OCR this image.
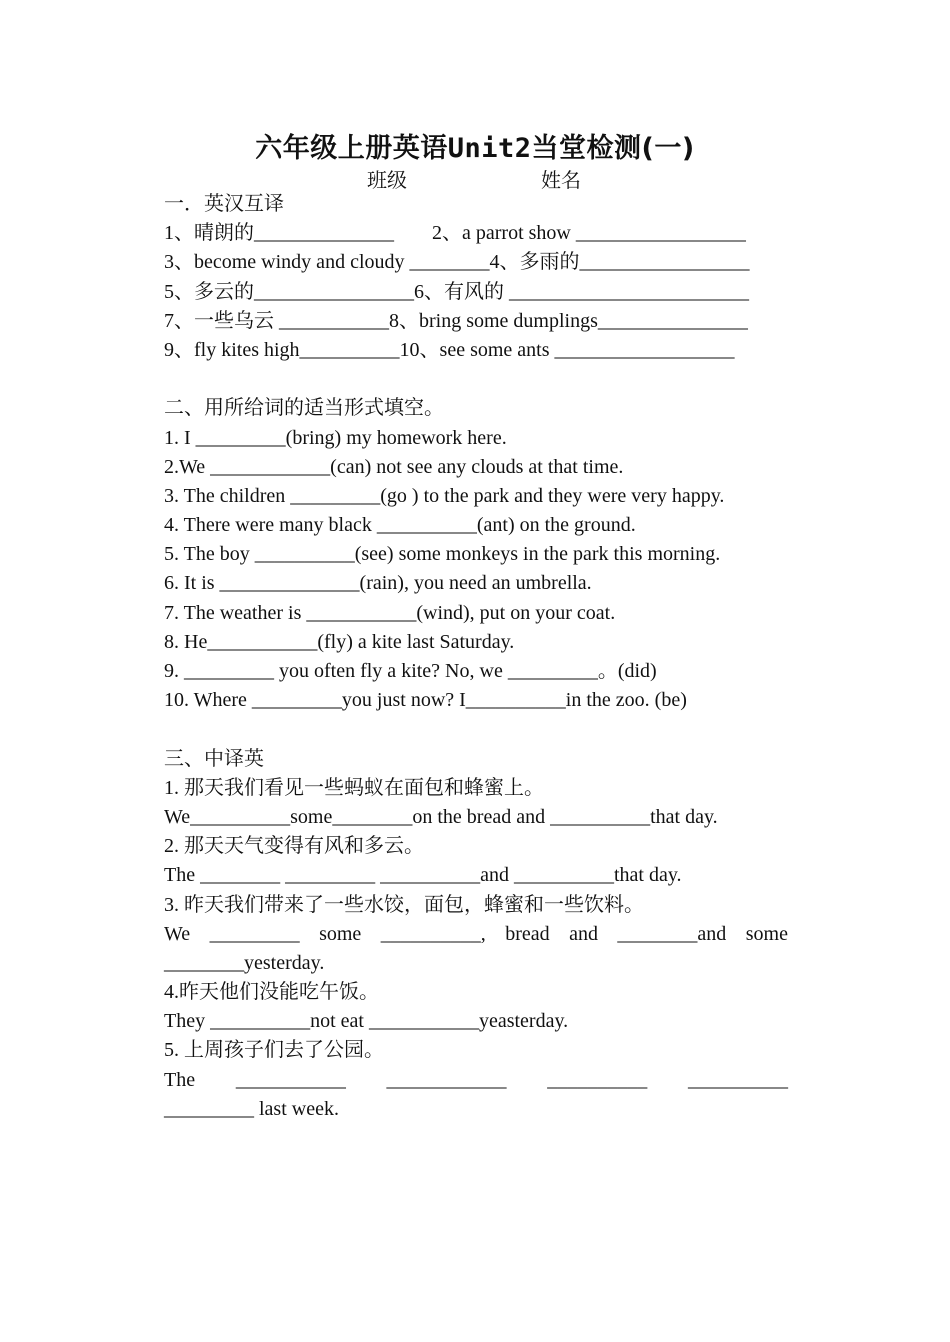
六年级上册英语Unit2当堂检测(一)
班级	姓名
一．英汉互译
1、晴朗的______________	2、a parrot show _________________
3、become windy and cloudy ________4、多雨的_________________
5、多云的________________6、有风的 ________________________
7、一些乌云 ___________8、bring some dumplings_______________
9、fly kites high__________10、see some ants __________________
二、用所给词的适当形式填空。
1. I _________(bring) my homework here.
2.We ____________(can) not see any clouds at that time.
3. The children _________(go ) to the park and they were very happy.
4. There were many black __________(ant) on the ground.
5. The boy __________(see) some monkeys in the park this morning.
6. It is ______________(rain), you need an umbrella.
7. The weather is ___________(wind), put on your coat.
8. He___________(fly) a kite last Saturday.
9. _________ you often fly a kite? No, we _________。(did)
10. Where _________you just now? I__________in the zoo. (be)
三、中译英
1. 那天我们看见一些蚂蚁在面包和蜂蜜上。
We__________some________on the bread and __________that day.
2. 那天天气变得有风和多云。
The ________ _________ __________and __________that day.
3. 昨天我们带来了一些水饺，面包，蜂蜜和一些饮料。
We _________ some __________, bread and ________and some
________yesterday.
4.昨天他们没能吃午饭。
They __________not eat ___________yeasterday.
5. 上周孩子们去了公园。
The ___________ ____________ __________ __________
_________ last week.
